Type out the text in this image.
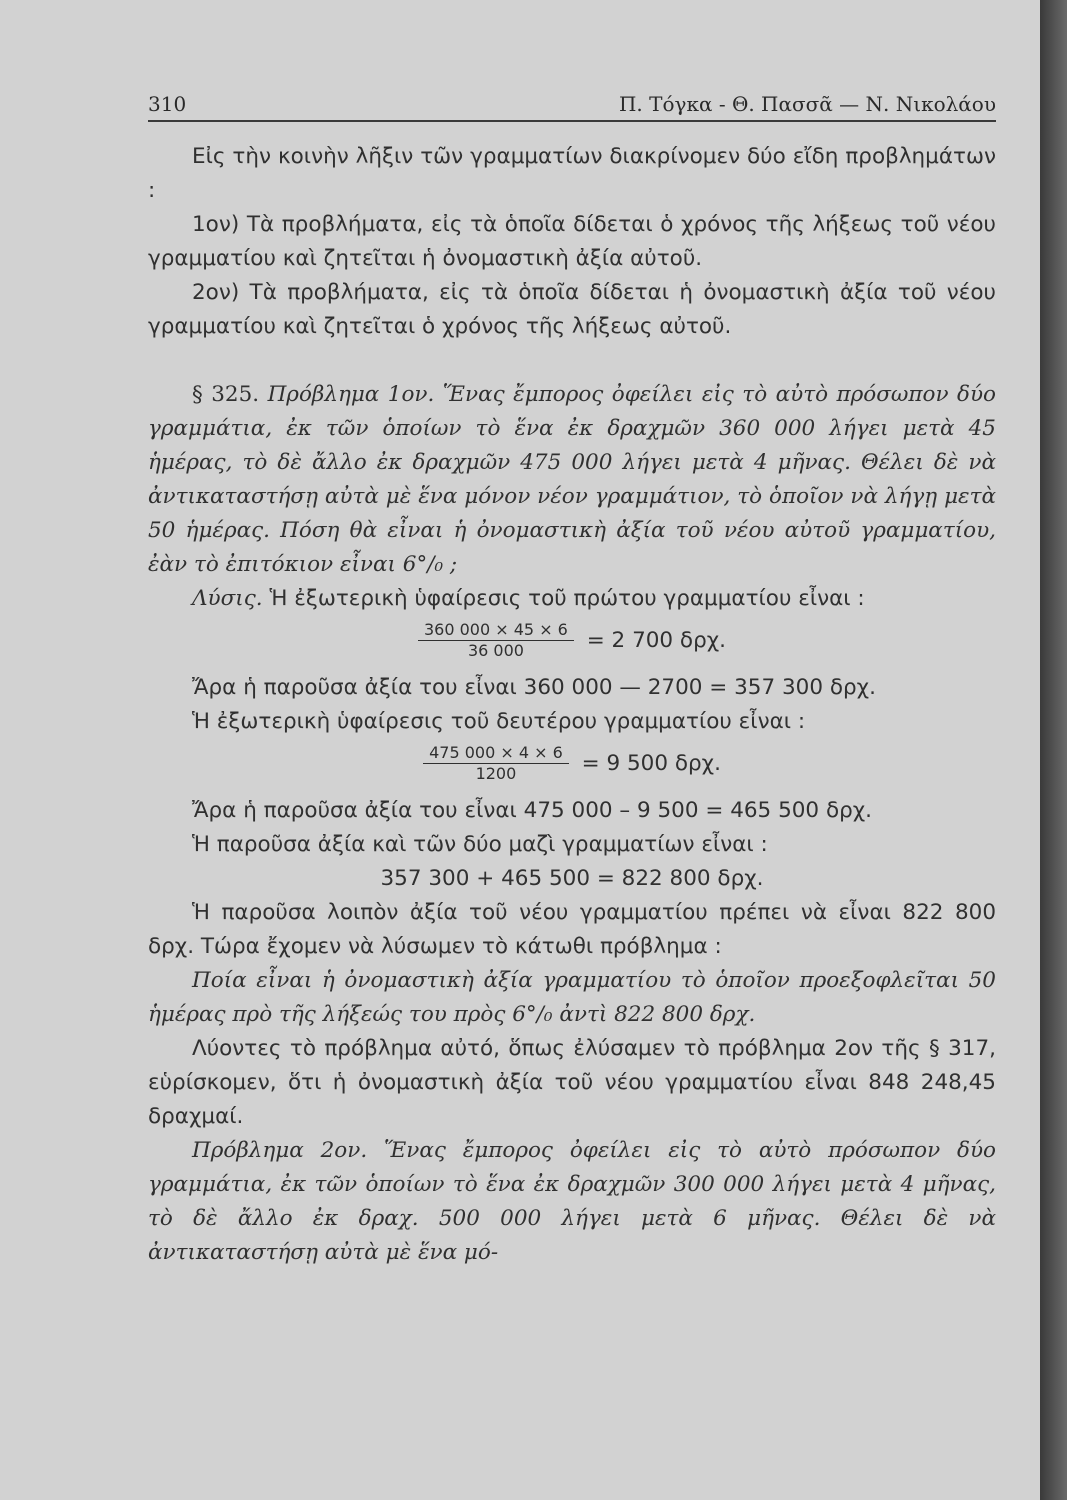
310	Π. Τόγκα - Θ. Πασσᾶ — Ν. Νικολάου

Εἰς τὴν κοινὴν λῆξιν τῶν γραμματίων διακρίνομεν δύο εἴδη προβλημάτων :

1ον) Τὰ προβλήματα, εἰς τὰ ὁποῖα δίδεται ὁ χρόνος τῆς λήξεως τοῦ νέου γραμματίου καὶ ζητεῖται ἡ ὀνομαστικὴ ἀξία αὐτοῦ.

2ον) Τὰ προβλήματα, εἰς τὰ ὁποῖα δίδεται ἡ ὀνομαστικὴ ἀξία τοῦ νέου γραμματίου καὶ ζητεῖται ὁ χρόνος τῆς λήξεως αὐτοῦ.

§ 325. Πρόβλημα 1ον. Ἕνας ἔμπορος ὀφείλει εἰς τὸ αὐτὸ πρόσωπον δύο γραμμάτια, ἐκ τῶν ὁποίων τὸ ἕνα ἐκ δραχμῶν 360 000 λήγει μετὰ 45 ἡμέρας, τὸ δὲ ἄλλο ἐκ δραχμῶν 475 000 λήγει μετὰ 4 μῆνας. Θέλει δὲ νὰ ἀντικαταστήσῃ αὐτὰ μὲ ἕνα μόνον νέον γραμμάτιον, τὸ ὁποῖον νὰ λήγῃ μετὰ 50 ἡμέρας. Πόση θὰ εἶναι ἡ ὀνομαστικὴ ἀξία τοῦ νέου αὐτοῦ γραμματίου, ἐὰν τὸ ἐπιτόκιον εἶναι 6°/₀ ;

Λύσις. Ἡ ἐξωτερικὴ ὑφαίρεσις τοῦ πρώτου γραμματίου εἶναι :

$\frac{360 000 \times 45 \times 6}{36 000} = 2$ 700 δρχ.

Ἄρα ἡ παροῦσα ἀξία του εἶναι 360 000 — 2700 = 357 300 δρχ.

Ἡ ἐξωτερικὴ ὑφαίρεσις τοῦ δευτέρου γραμματίου εἶναι :

$\frac{475 000 \times 4 \times 6}{1200} = 9$ 500 δρχ.

Ἄρα ἡ παροῦσα ἀξία του εἶναι 475 000 – 9 500 = 465 500 δρχ.

Ἡ παροῦσα ἀξία καὶ τῶν δύο μαζὶ γραμματίων εἶναι :

357 300 + 465 500 = 822 800 δρχ.

Ἡ παροῦσα λοιπὸν ἀξία τοῦ νέου γραμματίου πρέπει νὰ εἶναι 822 800 δρχ. Τώρα ἔχομεν νὰ λύσωμεν τὸ κάτωθι πρόβλημα :

Ποία εἶναι ἡ ὀνομαστικὴ ἀξία γραμματίου τὸ ὁποῖον προεξοφλεῖται 50 ἡμέρας πρὸ τῆς λήξεώς του πρὸς 6°/₀ ἀντὶ 822 800 δρχ.

Λύοντες τὸ πρόβλημα αὐτό, ὅπως ἐλύσαμεν τὸ πρόβλημα 2ον τῆς § 317, εὑρίσκομεν, ὅτι ἡ ὀνομαστικὴ ἀξία τοῦ νέου γραμματίου εἶναι 848 248,45 δραχμαί.

Πρόβλημα 2ον. Ἕνας ἔμπορος ὀφείλει εἰς τὸ αὐτὸ πρόσωπον δύο γραμμάτια, ἐκ τῶν ὁποίων τὸ ἕνα ἐκ δραχμῶν 300 000 λήγει μετὰ 4 μῆνας, τὸ δὲ ἄλλο ἐκ δραχ. 500 000 λήγει μετὰ 6 μῆνας. Θέλει δὲ νὰ ἀντικαταστήσῃ αὐτὰ μὲ ἕνα μό-
